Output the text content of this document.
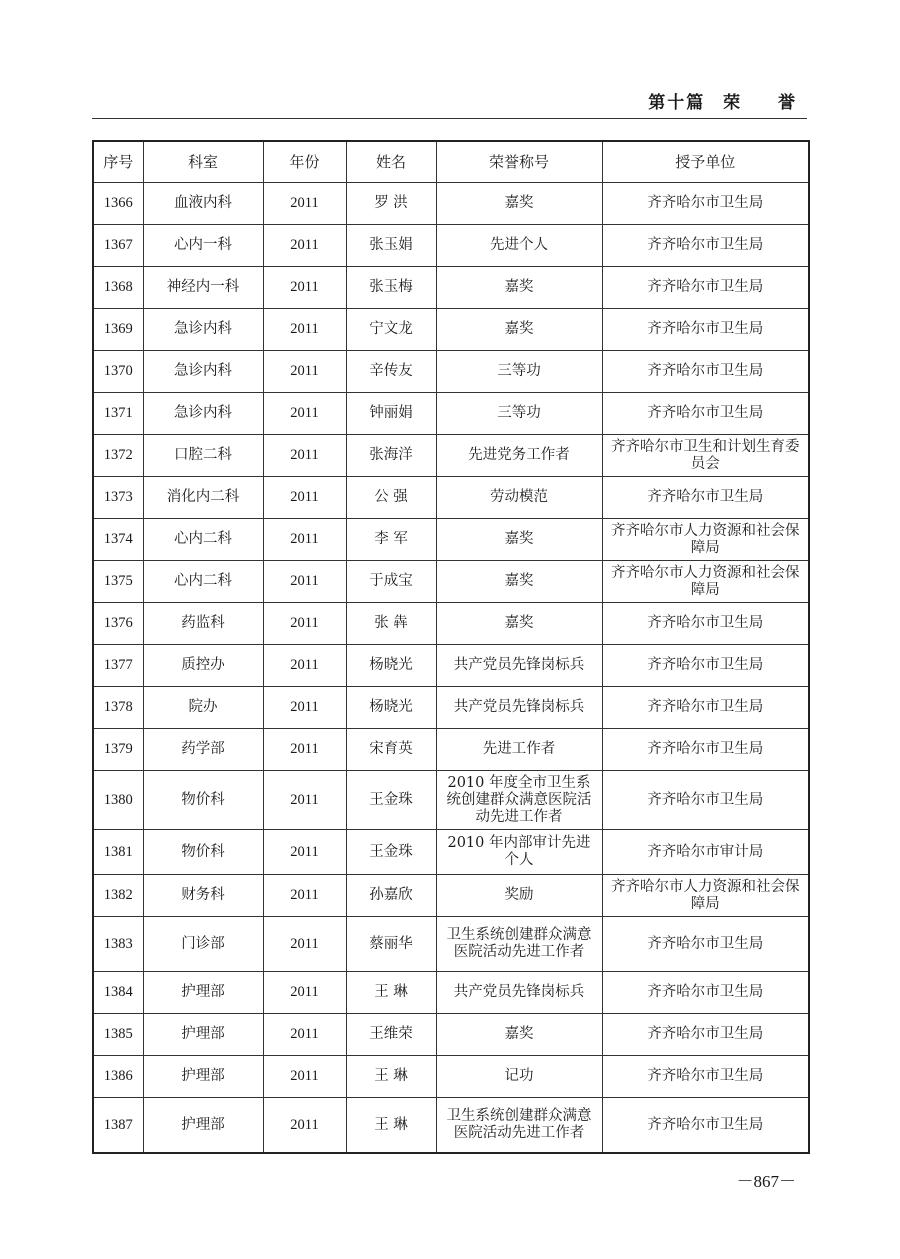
第十篇 荣  誉
序号	科室	年份	姓名	荣誉称号	授予单位
1366	血液内科	2011	罗 洪	嘉奖	齐齐哈尔市卫生局
1367	心内一科	2011	张玉娟	先进个人	齐齐哈尔市卫生局
1368	神经内一科	2011	张玉梅	嘉奖	齐齐哈尔市卫生局
1369	急诊内科	2011	宁文龙	嘉奖	齐齐哈尔市卫生局
1370	急诊内科	2011	辛传友	三等功	齐齐哈尔市卫生局
1371	急诊内科	2011	钟丽娟	三等功	齐齐哈尔市卫生局
1372	口腔二科	2011	张海洋	先进党务工作者	齐齐哈尔市卫生和计划生育委员会
1373	消化内二科	2011	公 强	劳动模范	齐齐哈尔市卫生局
1374	心内二科	2011	李 军	嘉奖	齐齐哈尔市人力资源和社会保障局
1375	心内二科	2011	于成宝	嘉奖	齐齐哈尔市人力资源和社会保障局
1376	药监科	2011	张 犇	嘉奖	齐齐哈尔市卫生局
1377	质控办	2011	杨晓光	共产党员先锋岗标兵	齐齐哈尔市卫生局
1378	院办	2011	杨晓光	共产党员先锋岗标兵	齐齐哈尔市卫生局
1379	药学部	2011	宋育英	先进工作者	齐齐哈尔市卫生局
1380	物价科	2011	王金珠	2010 年度全市卫生系统创建群众满意医院活动先进工作者	齐齐哈尔市卫生局
1381	物价科	2011	王金珠	2010 年内部审计先进个人	齐齐哈尔市审计局
1382	财务科	2011	孙嘉欣	奖励	齐齐哈尔市人力资源和社会保障局
1383	门诊部	2011	蔡丽华	卫生系统创建群众满意医院活动先进工作者	齐齐哈尔市卫生局
1384	护理部	2011	王 琳	共产党员先锋岗标兵	齐齐哈尔市卫生局
1385	护理部	2011	王维荣	嘉奖	齐齐哈尔市卫生局
1386	护理部	2011	王 琳	记功	齐齐哈尔市卫生局
1387	护理部	2011	王 琳	卫生系统创建群众满意医院活动先进工作者	齐齐哈尔市卫生局
－867－
